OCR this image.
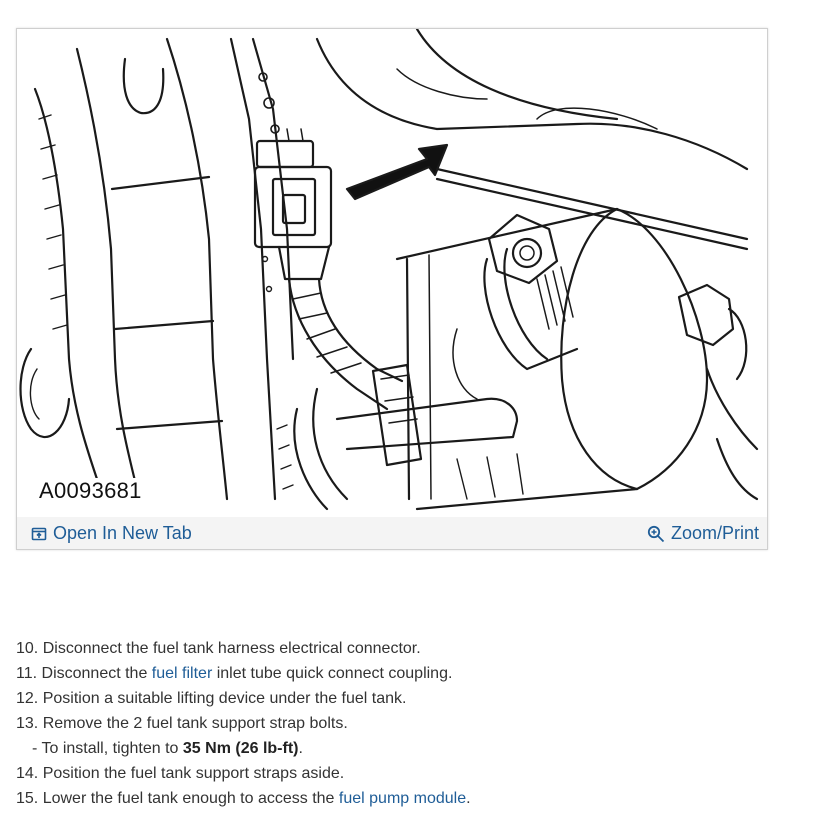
A0093681
Open In New Tab	Zoom/Print
10. Disconnect the fuel tank harness electrical connector.
11. Disconnect the fuel filter inlet tube quick connect coupling.
12. Position a suitable lifting device under the fuel tank.
13. Remove the 2 fuel tank support strap bolts.
- To install, tighten to 35 Nm (26 lb-ft).
14. Position the fuel tank support straps aside.
15. Lower the fuel tank enough to access the fuel pump module.
